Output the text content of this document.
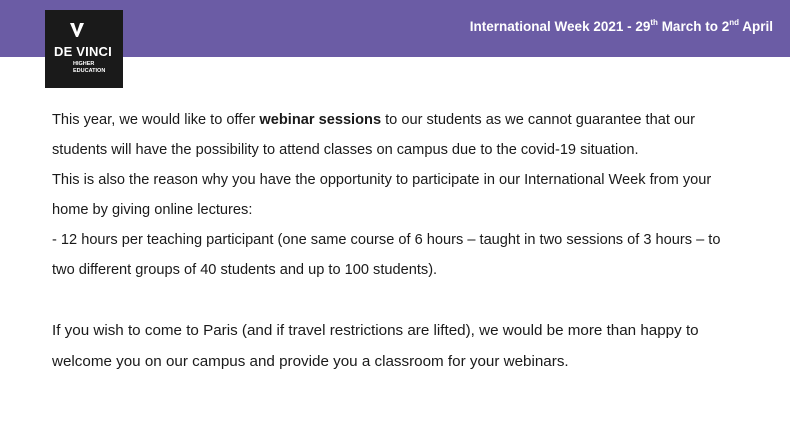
International Week 2021 - 29th March to 2nd April
DE VINCI
HIGHER
EDUCATION

This year, we would like to offer webinar sessions to our students as we cannot guarantee that our

students will have the possibility to attend classes on campus due to the covid-19 situation.

This is also the reason why you have the opportunity to participate in our International Week from your

home by giving online lectures:

- 12 hours per teaching participant (one same course of 6 hours – taught in two sessions of 3 hours – to

two different groups of 40 students and up to 100 students).

If you wish to come to Paris (and if travel restrictions are lifted), we would be more than happy to

welcome you on our campus and provide you a classroom for your webinars.
